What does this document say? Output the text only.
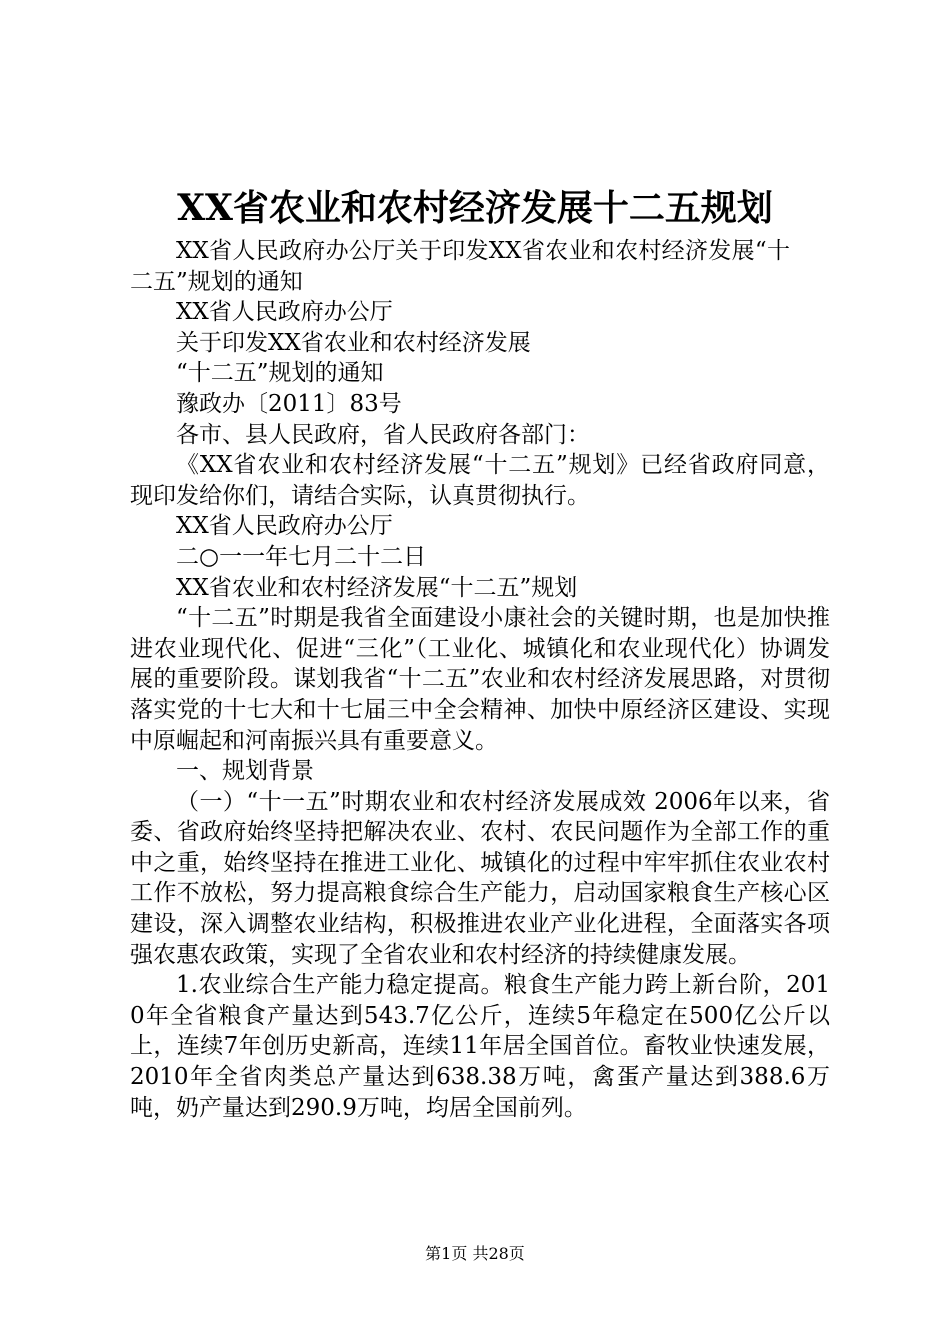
XX省农业和农村经济发展十二五规划

XX省人民政府办公厅关于印发XX省农业和农村经济发展“十二五”规划的通知

XX省人民政府办公厅

关于印发XX省农业和农村经济发展

“十二五”规划的通知

豫政办〔2011〕83号

各市、县人民政府，省人民政府各部门：

《XX省农业和农村经济发展“十二五”规划》已经省政府同意，现印发给你们，请结合实际，认真贯彻执行。

XX省人民政府办公厅

二○一一年七月二十二日

XX省农业和农村经济发展“十二五”规划

“十二五”时期是我省全面建设小康社会的关键时期，也是加快推进农业现代化、促进“三化”（工业化、城镇化和农业现代化）协调发展的重要阶段。谋划我省“十二五”农业和农村经济发展思路，对贯彻落实党的十七大和十七届三中全会精神、加快中原经济区建设、实现中原崛起和河南振兴具有重要意义。

一、规划背景

（一）“十一五”时期农业和农村经济发展成效 2006年以来，省委、省政府始终坚持把解决农业、农村、农民问题作为全部工作的重中之重，始终坚持在推进工业化、城镇化的过程中牢牢抓住农业农村工作不放松，努力提高粮食综合生产能力，启动国家粮食生产核心区建设，深入调整农业结构，积极推进农业产业化进程，全面落实各项强农惠农政策，实现了全省农业和农村经济的持续健康发展。

1.农业综合生产能力稳定提高。粮食生产能力跨上新台阶，2010年全省粮食产量达到543.7亿公斤，连续5年稳定在500亿公斤以上，连续7年创历史新高，连续11年居全国首位。畜牧业快速发展，2010年全省肉类总产量达到638.38万吨，禽蛋产量达到388.6万吨，奶产量达到290.9万吨，均居全国前列。

第1页 共28页
